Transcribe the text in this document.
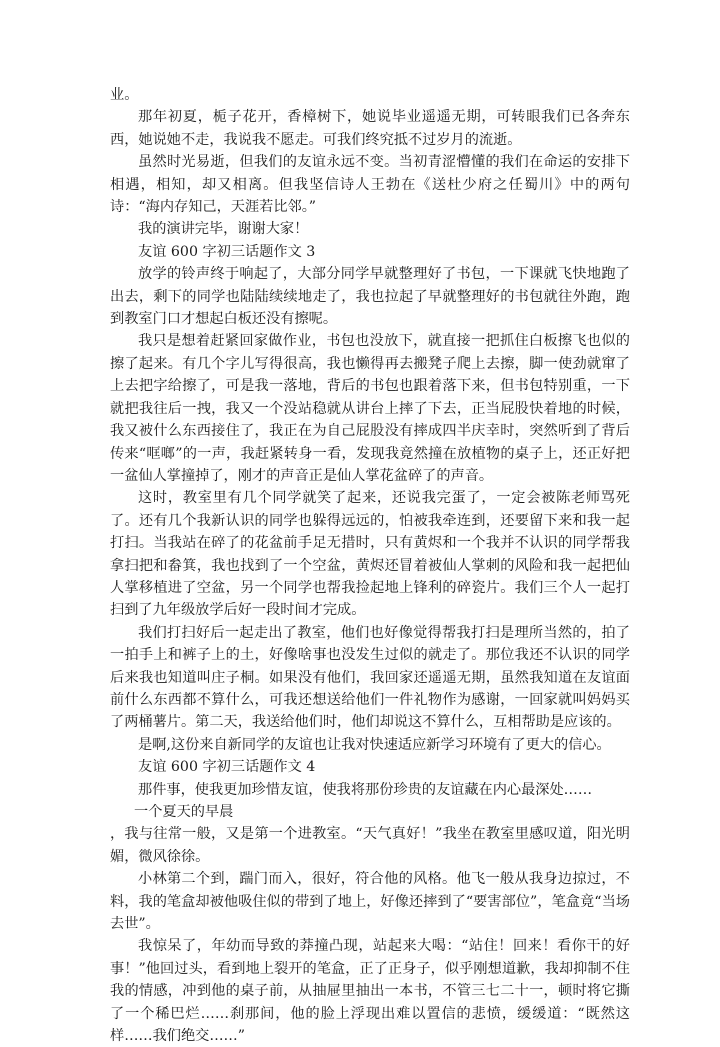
业。

那年初夏，栀子花开，香樟树下，她说毕业遥遥无期，可转眼我们已各奔东西，她说她不走，我说我不愿走。可我们终究抵不过岁月的流逝。

虽然时光易逝，但我们的友谊永远不变。当初青涩懵懂的我们在命运的安排下相遇，相知，却又相离。但我坚信诗人王勃在《送杜少府之任蜀川》中的两句诗：“海内存知己，天涯若比邻。”

我的演讲完毕，谢谢大家！

友谊 600 字初三话题作文 3

放学的铃声终于响起了，大部分同学早就整理好了书包，一下课就飞快地跑了出去，剩下的同学也陆陆续续地走了，我也拉起了早就整理好的书包就往外跑，跑到教室门口才想起白板还没有擦呢。

我只是想着赶紧回家做作业，书包也没放下，就直接一把抓住白板擦飞也似的擦了起来。有几个字儿写得很高，我也懒得再去搬凳子爬上去擦，脚一使劲就窜了上去把字给擦了，可是我一落地，背后的书包也跟着落下来，但书包特别重，一下就把我往后一拽，我又一个没站稳就从讲台上摔了下去，正当屁股快着地的时候，我又被什么东西接住了，我正在为自己屁股没有摔成四半庆幸时，突然听到了背后传来“哐啷”的一声，我赶紧转身一看，发现我竟然撞在放植物的桌子上，还正好把一盆仙人掌撞掉了，刚才的声音正是仙人掌花盆碎了的声音。

这时，教室里有几个同学就笑了起来，还说我完蛋了，一定会被陈老师骂死了。还有几个我新认识的同学也躲得远远的，怕被我牵连到，还要留下来和我一起打扫。当我站在碎了的花盆前手足无措时，只有黄烬和一个我并不认识的同学帮我拿扫把和畚箕，我也找到了一个空盆，黄烬还冒着被仙人掌刺的风险和我一起把仙人掌移植进了空盆，另一个同学也帮我捡起地上锋利的碎瓷片。我们三个人一起打扫到了九年级放学后好一段时间才完成。

我们打扫好后一起走出了教室，他们也好像觉得帮我打扫是理所当然的，拍了一拍手上和裤子上的土，好像啥事也没发生过似的就走了。那位我还不认识的同学后来我也知道叫庄子桐。如果没有他们，我回家还遥遥无期，虽然我知道在友谊面前什么东西都不算什么，可我还想送给他们一件礼物作为感谢，一回家就叫妈妈买了两桶薯片。第二天，我送给他们时，他们却说这不算什么，互相帮助是应该的。

是啊,这份来自新同学的友谊也让我对快速适应新学习环境有了更大的信心。

友谊 600 字初三话题作文 4

那件事，使我更加珍惜友谊，使我将那份珍贵的友谊藏在内心最深处……

一个夏天的早晨

，我与往常一般，又是第一个进教室。“天气真好！”我坐在教室里感叹道，阳光明媚，微风徐徐。

小林第二个到，踹门而入，很好，符合他的风格。他飞一般从我身边掠过，不料，我的笔盒却被他吸住似的带到了地上，好像还摔到了“要害部位”，笔盒竟“当场去世”。

我惊呆了，年幼而导致的莽撞凸现，站起来大喝：“站住！回来！看你干的好事！”他回过头，看到地上裂开的笔盒，正了正身子，似乎刚想道歉，我却抑制不住我的情感，冲到他的桌子前，从抽屉里抽出一本书，不管三七二十一，顿时将它撕了一个稀巴烂……刹那间，他的脸上浮现出难以置信的悲愤，缓缓道：“既然这样……我们绝交……”
